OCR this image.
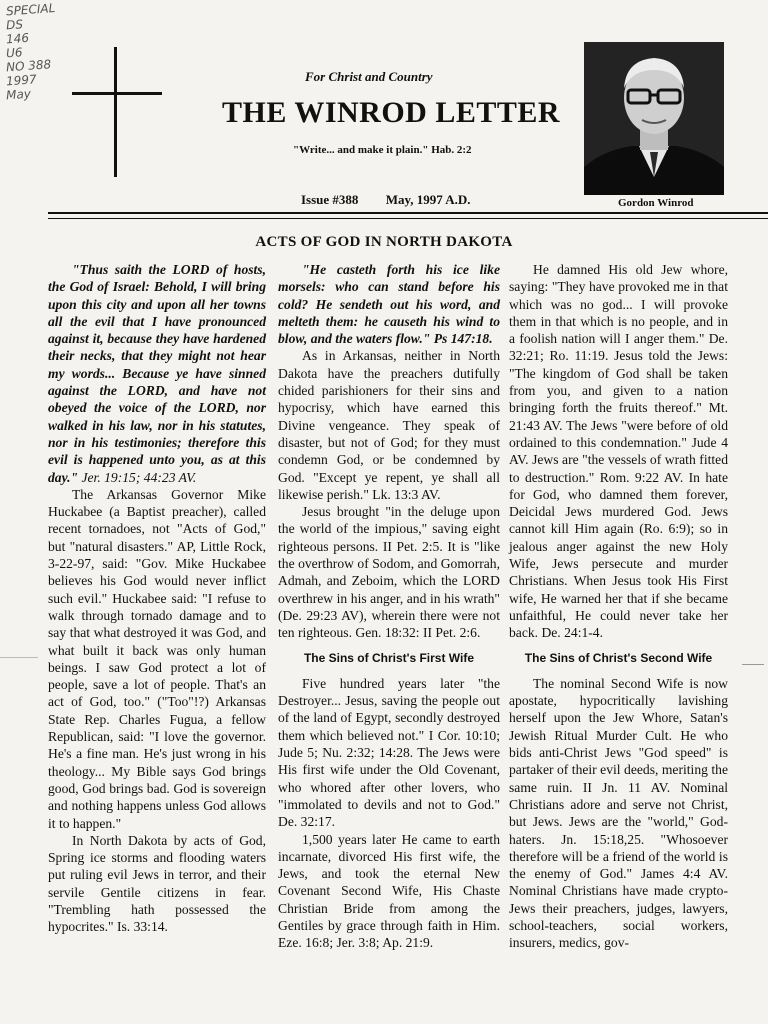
SPECIAL
DS
146
U6
NO 388
1997
May
For Christ and Country
THE WINROD LETTER
"Write... and make it plain." Hab. 2:2
Issue #388 May, 1997 A.D.	Gordon Winrod
ACTS OF GOD IN NORTH DAKOTA

"Thus saith the LORD of hosts, the God of Israel: Behold, I will bring upon this city and upon all her towns all the evil that I have pronounced against it, because they have hardened their necks, that they might not hear my words... Because ye have sinned against the LORD, and have not obeyed the voice of the LORD, nor walked in his law, nor in his statutes, nor in his testimonies; therefore this evil is happened unto you, as at this day." Jer. 19:15; 44:23 AV.

The Arkansas Governor Mike Huckabee (a Baptist preacher), called recent tornadoes, not "Acts of God," but "natural disasters." AP, Little Rock, 3-22-97, said: "Gov. Mike Huckabee believes his God would never inflict such evil." Huckabee said: "I refuse to walk through tornado damage and to say that what destroyed it was God, and what built it back was only human beings. I saw God protect a lot of people, save a lot of people. That's an act of God, too." ("Too"!?) Arkansas State Rep. Charles Fugua, a fellow Republican, said: "I love the governor. He's a fine man. He's just wrong in his theology... My Bible says God brings good, God brings bad. God is sovereign and nothing happens unless God allows it to happen."

In North Dakota by acts of God, Spring ice storms and flooding waters put ruling evil Jews in terror, and their servile Gentile citizens in fear. "Trembling hath possessed the hypocrites." Is. 33:14.

"He casteth forth his ice like morsels: who can stand before his cold? He sendeth out his word, and melteth them: he causeth his wind to blow, and the waters flow." Ps 147:18.

As in Arkansas, neither in North Dakota have the preachers dutifully chided parishioners for their sins and hypocrisy, which have earned this Divine vengeance. They speak of disaster, but not of God; for they must condemn God, or be condemned by God. "Except ye repent, ye shall all likewise perish." Lk. 13:3 AV.

Jesus brought "in the deluge upon the world of the impious," saving eight righteous persons. II Pet. 2:5. It is "like the overthrow of Sodom, and Gomorrah, Admah, and Zeboim, which the LORD overthrew in his anger, and in his wrath" (De. 29:23 AV), wherein there were not ten righteous. Gen. 18:32: II Pet. 2:6.

The Sins of Christ's First Wife

Five hundred years later "the Destroyer... Jesus, saving the people out of the land of Egypt, secondly destroyed them which believed not." I Cor. 10:10; Jude 5; Nu. 2:32; 14:28. The Jews were His first wife under the Old Covenant, who whored after other lovers, who "immolated to devils and not to God." De. 32:17.

1,500 years later He came to earth incarnate, divorced His first wife, the Jews, and took the eternal New Covenant Second Wife, His Chaste Christian Bride from among the Gentiles by grace through faith in Him. Eze. 16:8; Jer. 3:8; Ap. 21:9.

He damned His old Jew whore, saying: "They have provoked me in that which was no god... I will provoke them in that which is no people, and in a foolish nation will I anger them." De. 32:21; Ro. 11:19. Jesus told the Jews: "The kingdom of God shall be taken from you, and given to a nation bringing forth the fruits thereof." Mt. 21:43 AV. The Jews "were before of old ordained to this condemnation." Jude 4 AV. Jews are "the vessels of wrath fitted to destruction." Rom. 9:22 AV. In hate for God, who damned them forever, Deicidal Jews murdered God. Jews cannot kill Him again (Ro. 6:9); so in jealous anger against the new Holy Wife, Jews persecute and murder Christians. When Jesus took His First wife, He warned her that if she became unfaithful, He could never take her back. De. 24:1-4.

The Sins of Christ's Second Wife

The nominal Second Wife is now apostate, hypocritically lavishing herself upon the Jew Whore, Satan's Jewish Ritual Murder Cult. He who bids anti-Christ Jews "God speed" is partaker of their evil deeds, meriting the same ruin. II Jn. 11 AV. Nominal Christians adore and serve not Christ, but Jews. Jews are the "world," God-haters. Jn. 15:18,25. "Whosoever therefore will be a friend of the world is the enemy of God." James 4:4 AV. Nominal Christians have made crypto-Jews their preachers, judges, lawyers, school-teachers, social workers, insurers, medics, gov-
